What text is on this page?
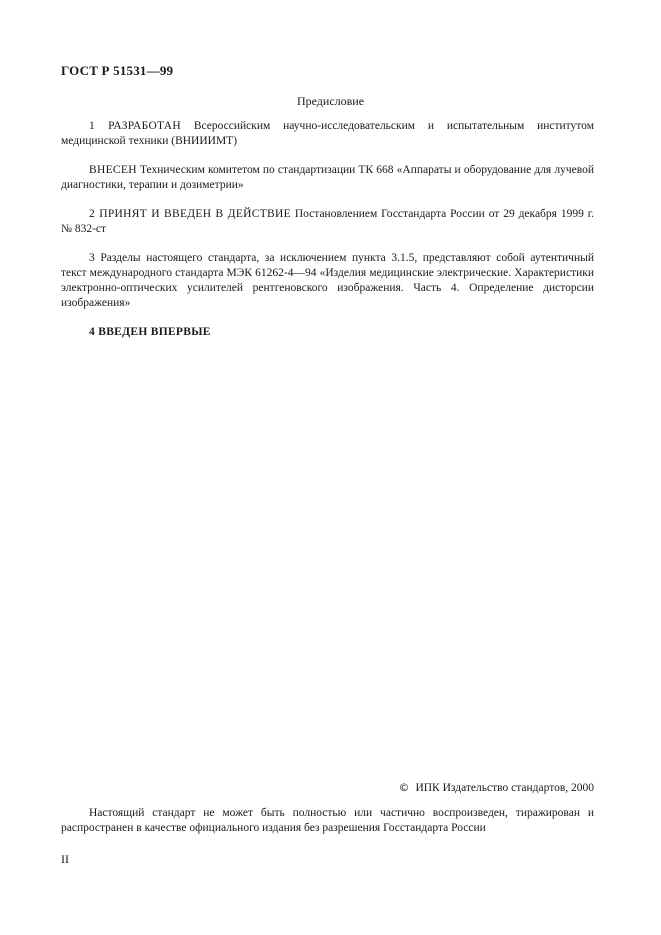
ГОСТ Р 51531—99
Предисловие

1 РАЗРАБОТАН Всероссийским научно-исследовательским и испытательным институтом медицинской техники (ВНИИИМТ)

ВНЕСЕН Техническим комитетом по стандартизации ТК 668 «Аппараты и оборудование для лучевой диагностики, терапии и дозиметрии»

2 ПРИНЯТ И ВВЕДЕН В ДЕЙСТВИЕ Постановлением Госстандарта России от 29 декабря 1999 г. № 832-ст

3 Разделы настоящего стандарта, за исключением пункта 3.1.5, представляют собой аутентичный текст международного стандарта МЭК 61262-4—94 «Изделия медицинские электрические. Характеристики электронно-оптических усилителей рентгеновского изображения. Часть 4. Определение дисторсии изображения»

4 ВВЕДЕН ВПЕРВЫЕ

© ИПК Издательство стандартов, 2000
Настоящий стандарт не может быть полностью или частично воспроизведен, тиражирован и распространен в качестве официального издания без разрешения Госстандарта России
II
